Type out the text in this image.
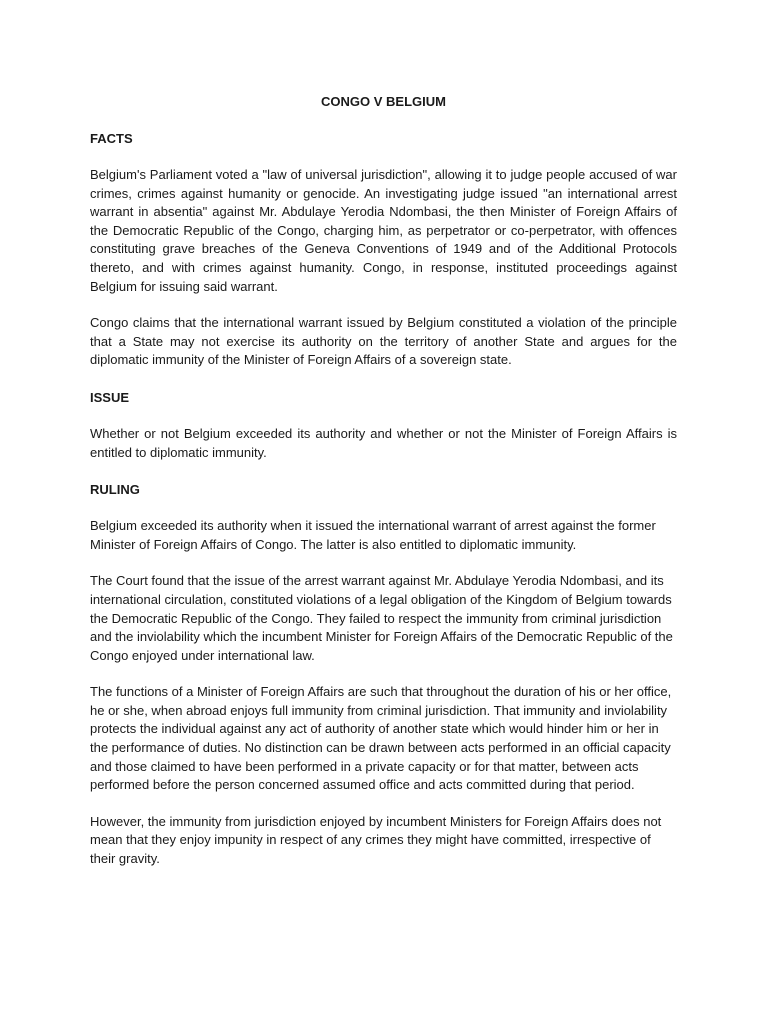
CONGO V BELGIUM
FACTS

Belgium's Parliament voted a "law of universal jurisdiction", allowing it to judge people accused of war crimes, crimes against humanity or genocide. An investigating judge issued "an international arrest warrant in absentia" against Mr. Abdulaye Yerodia Ndombasi, the then Minister of Foreign Affairs of the Democratic Republic of the Congo, charging him, as perpetrator or co-perpetrator, with offences constituting grave breaches of the Geneva Conventions of 1949 and of the Additional Protocols thereto, and with crimes against humanity. Congo, in response, instituted proceedings against Belgium for issuing said warrant.

Congo claims that the international warrant issued by Belgium constituted a violation of the principle that a State may not exercise its authority on the territory of another State and argues for the diplomatic immunity of the Minister of Foreign Affairs of a sovereign state.

ISSUE

Whether or not Belgium exceeded its authority and whether or not the Minister of Foreign Affairs is entitled to diplomatic immunity.

RULING

Belgium exceeded its authority when it issued the international warrant of arrest against the former Minister of Foreign Affairs of Congo. The latter is also entitled to diplomatic immunity.

The Court found that the issue of the arrest warrant against Mr. Abdulaye Yerodia Ndombasi, and its international circulation, constituted violations of a legal obligation of the Kingdom of Belgium towards the Democratic Republic of the Congo. They failed to respect the immunity from criminal jurisdiction and the inviolability which the incumbent Minister for Foreign Affairs of the Democratic Republic of the Congo enjoyed under international law.

The functions of a Minister of Foreign Affairs are such that throughout the duration of his or her office, he or she, when abroad enjoys full immunity from criminal jurisdiction. That immunity and inviolability protects the individual against any act of authority of another state which would hinder him or her in the performance of duties. No distinction can be drawn between acts performed in an official capacity and those claimed to have been performed in a private capacity or for that matter, between acts performed before the person concerned assumed office and acts committed during that period.

However, the immunity from jurisdiction enjoyed by incumbent Ministers for Foreign Affairs does not mean that they enjoy impunity in respect of any crimes they might have committed, irrespective of their gravity.
